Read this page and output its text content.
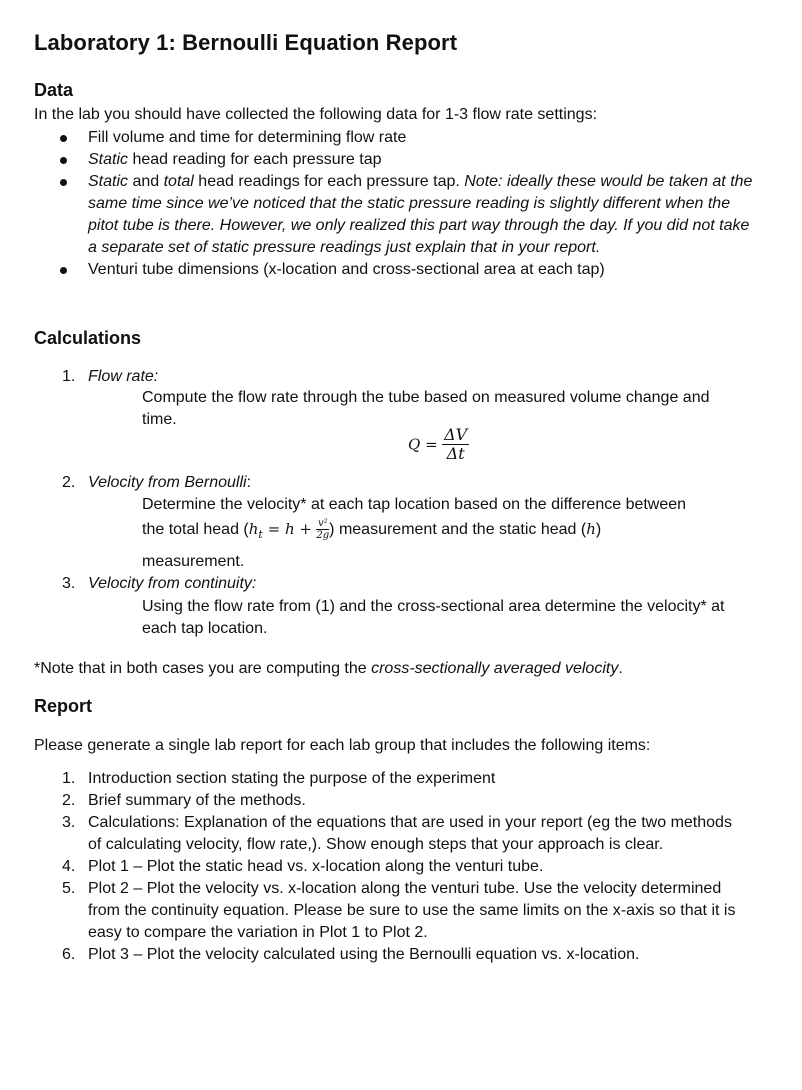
Laboratory 1: Bernoulli Equation Report
Data

In the lab you should have collected the following data for 1-3 flow rate settings:

Fill volume and time for determining flow rate
Static head reading for each pressure tap
Static and total head readings for each pressure tap. Note: ideally these would be taken at the same time since we’ve noticed that the static pressure reading is slightly different when the pitot tube is there. However, we only realized this part way through the day. If you did not take a separate set of static pressure readings just explain that in your report.
Venturi tube dimensions (x-location and cross-sectional area at each tap)
Calculations
1. Flow rate:
Compute the flow rate through the tube based on measured volume change and time.
$Q = \frac{\Delta V}{\Delta t}$
2. Velocity from Bernoulli:
Determine the velocity* at each tap location based on the difference between
the total head ($h_t = h + \frac{\text{v²}}{2g}$ ) measurement and the static head (h)
measurement.
3. Velocity from continuity:
Using the flow rate from (1) and the cross-sectional area determine the velocity* at each tap location.

*Note that in both cases you are computing the cross-sectionally averaged velocity.

Report

Please generate a single lab report for each lab group that includes the following items:

1. Introduction section stating the purpose of the experiment
2. Brief summary of the methods.
3. Calculations: Explanation of the equations that are used in your report (eg the two methods of calculating velocity, flow rate,). Show enough steps that your approach is clear.
4. Plot 1 – Plot the static head vs. x-location along the venturi tube.
5. Plot 2 – Plot the velocity vs. x-location along the venturi tube. Use the velocity determined from the continuity equation. Please be sure to use the same limits on the x-axis so that it is easy to compare the variation in Plot 1 to Plot 2.
6. Plot 3 – Plot the velocity calculated using the Bernoulli equation vs. x-location.
